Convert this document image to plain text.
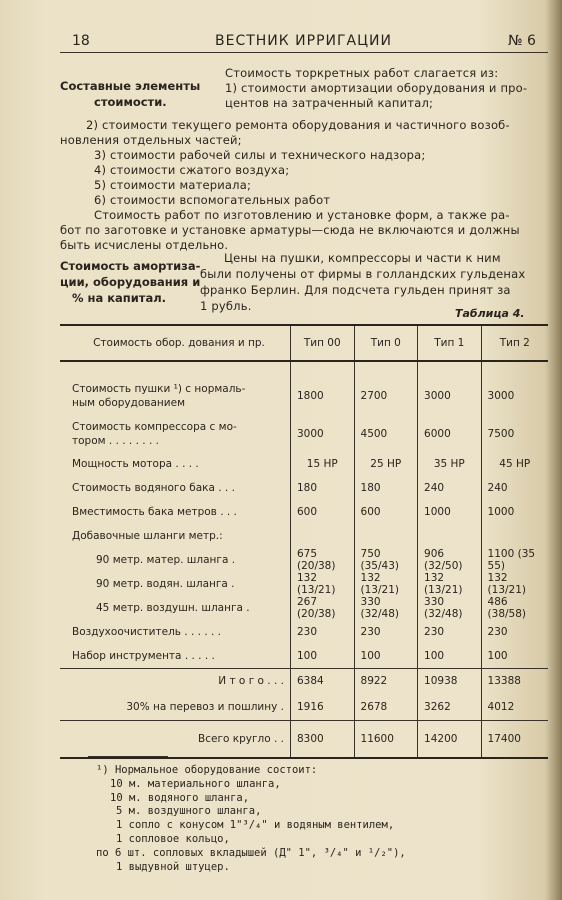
18	ВЕСТНИК ИРРИГАЦИИ	№ 6
Составные элементы
стоимости.
Стоимость торкретных работ слагается из:
1) стоимости амортизации оборудования и про-
центов на затраченный капитал;
2) стоимости текущего ремонта оборудования и частичного возоб-
новления отдельных частей;
3) стоимости рабочей силы и технического надзора;
4) стоимости сжатого воздуха;
5) стоимости материала;
6) стоимости вспомогательных работ
Стоимость работ по изготовлению и установке форм, а также ра-
бот по заготовке и установке арматуры—сюда не включаются и должны
быть исчислены отдельно.
Стоимость амортиза-
ции, оборудования и
% на капитал.
Цены на пушки, компрессоры и части к ним
были получены от фирмы в голландских гульденах
франко Берлин. Для подсчета гульден принят за
1 рубль.
Таблица 4.
Стоимость обор. дования и пр.	Тип 00	Тип 0	Тип 1	Тип 2

Стоимость пушки ¹) с нормаль-
ным оборудованием	1800	2700	3000	3000
Стоимость компрессора с мо-
тором . . . . . . . .	3000	4500	6000	7500
Мощность мотора . . . .	15 НР	25 НР	35 НР	45 НР
Стоимость водяного бака . . .	180	180	240	240
Вместимость бака метров . . .	600	600	1000	1000
Добавочные шланги метр.:				
90 метр. матер. шланга .	675 (20/38)	750 (35/43)	906 (32/50)	1100 (35 55)
90 метр. водян. шланга .	132 (13/21)	132 (13/21)	132 (13/21)	132 (13/21)
45 метр. воздушн. шланга .	267 (20/38)	330 (32/48)	330 (32/48)	486 (38/58)
Воздухоочиститель . . . . . .	230	230	230	230
Набор инструмента . . . . .	100	100	100	100
И т о г о . . .	6384	8922	10938	13388
30% на перевоз и пошлину .	1916	2678	3262	4012
Всего кругло . .	8300	11600	14200	17400
¹) Нормальное оборудование состоит:
10 м. материального шланга,
10 м. водяного шланга,
5 м. воздушного шланга,
1 сопло с конусом 1"³/₄" и водяным вентилем,
1 сопловое кольцо,
по 6 шт. сопловых вкладышей (Д" 1", ³/₄" и ¹/₂"),
1 выдувной штуцер.
